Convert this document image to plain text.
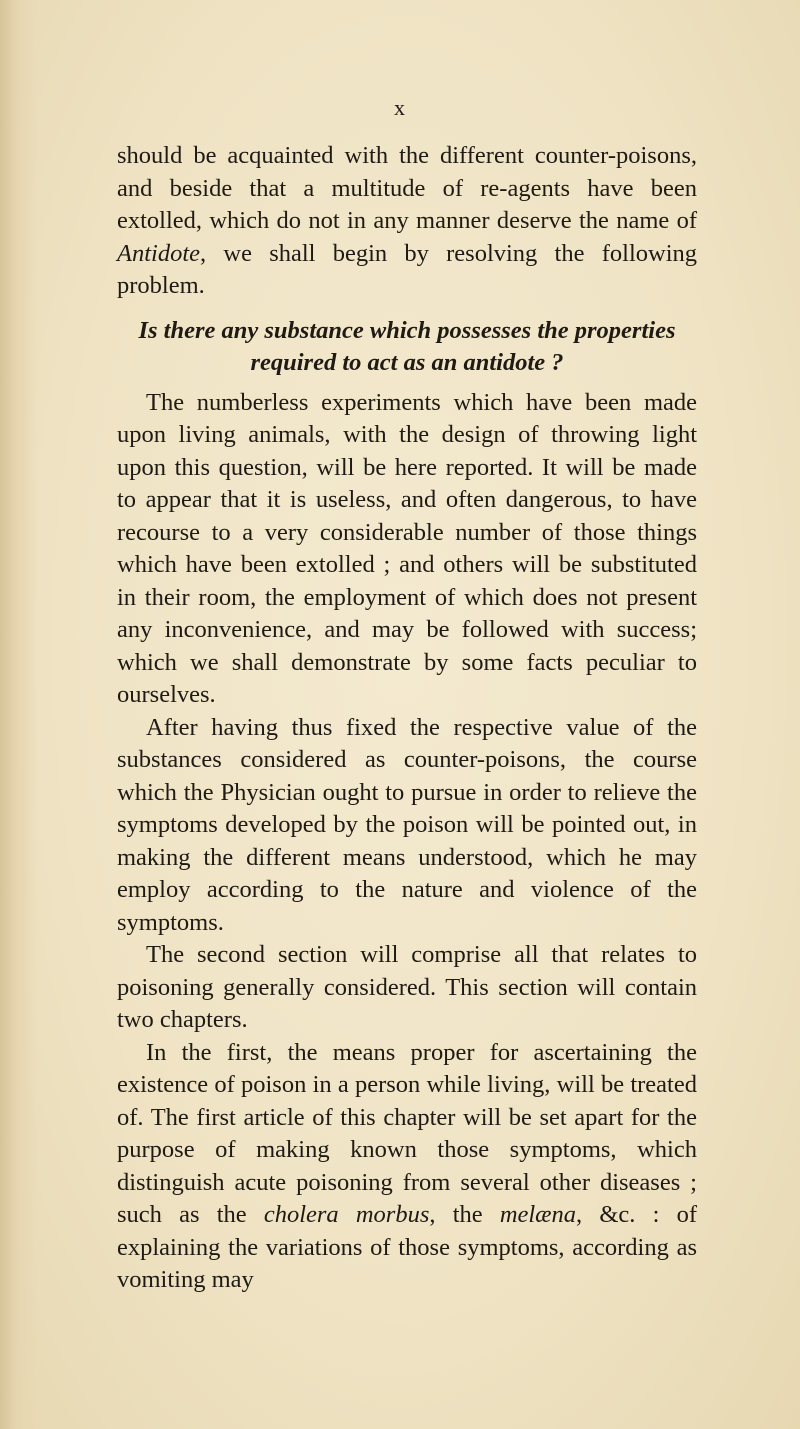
x

should be acquainted with the different counter-poisons, and beside that a multitude of re-agents have been extolled, which do not in any manner deserve the name of Antidote, we shall begin by resolving the following problem.

Is there any substance which possesses the properties required to act as an antidote ?

The numberless experiments which have been made upon living animals, with the design of throwing light upon this question, will be here reported. It will be made to appear that it is useless, and often dangerous, to have recourse to a very considerable number of those things which have been extolled ; and others will be substituted in their room, the employment of which does not present any inconvenience, and may be followed with success; which we shall demonstrate by some facts peculiar to ourselves.

After having thus fixed the respective value of the substances considered as counter-poisons, the course which the Physician ought to pursue in order to relieve the symptoms developed by the poison will be pointed out, in making the different means understood, which he may employ according to the nature and violence of the symptoms.

The second section will comprise all that relates to poisoning generally considered. This section will contain two chapters.

In the first, the means proper for ascertaining the existence of poison in a person while living, will be treated of. The first article of this chapter will be set apart for the purpose of making known those symptoms, which distinguish acute poisoning from several other diseases ; such as the cholera morbus, the melæna, &c. : of explaining the variations of those symptoms, according as vomiting may
